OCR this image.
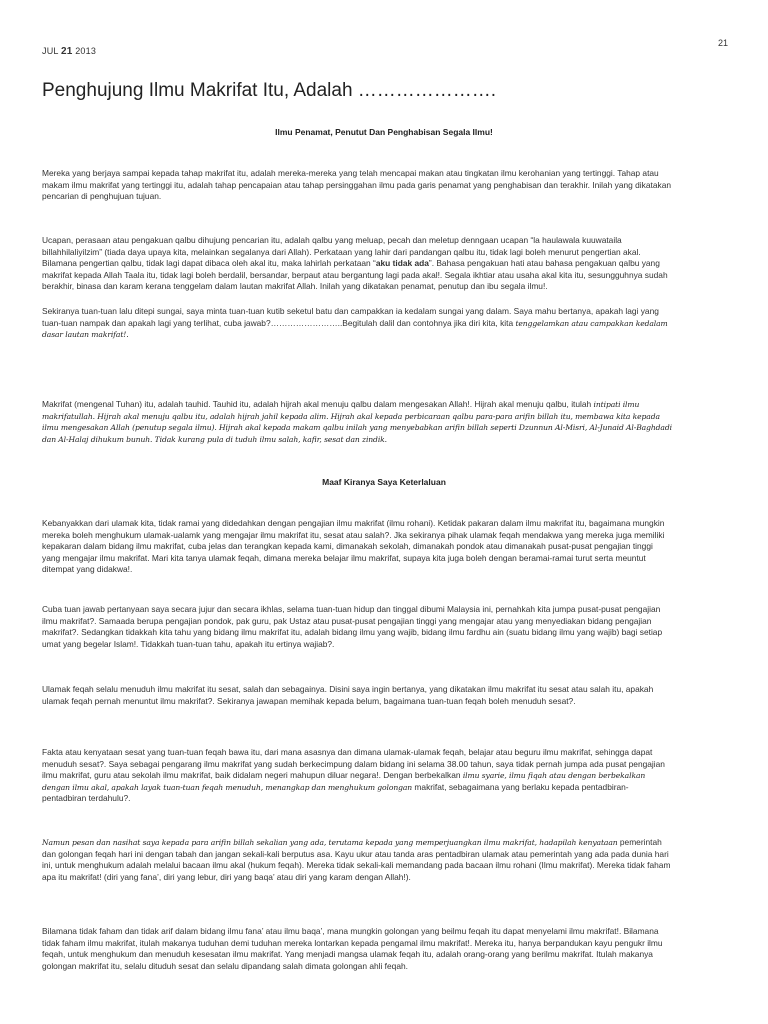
21
JUL 21 2013
Penghujung Ilmu Makrifat Itu, Adalah ………………….
Ilmu Penamat, Penutut Dan Penghabisan Segala Ilmu!

Mereka yang berjaya sampai kepada tahap makrifat itu, adalah mereka-mereka yang telah mencapai makan atau tingkatan ilmu kerohanian yang tertinggi. Tahap atau makam ilmu makrifat yang tertinggi itu, adalah tahap pencapaian atau tahap persinggahan ilmu pada garis penamat yang penghabisan dan terakhir. Inilah yang dikatakan pencarian di penghujuan tujuan.

Ucapan, perasaan atau pengakuan qalbu dihujung pencarian itu, adalah qalbu yang meluap, pecah dan meletup denngaan ucapan “la haulawala kuuwataila billahhilaliyilzim” (tiada daya upaya kita, melainkan segalanya dari Allah). Perkataan yang lahir dari pandangan qalbu itu, tidak lagi boleh menurut pengertian akal. Bilamana pengertian qalbu, tidak lagi dapat dibaca oleh akal itu, maka lahirlah perkataan “aku tidak ada”. Bahasa pengakuan hati atau bahasa pengakuan qalbu yang makrifat kepada Allah Taala itu, tidak lagi boleh berdalil, bersandar, berpaut atau bergantung lagi pada akal!. Segala ikhtiar atau usaha akal kita itu, sesungguhnya sudah berakhir, binasa dan karam kerana tenggelam dalam lautan makrifat Allah. Inilah yang dikatakan penamat, penutup dan ibu segala ilmu!.

Sekiranya tuan-tuan lalu ditepi sungai, saya minta tuan-tuan kutib seketul batu dan campakkan ia kedalam sungai yang dalam. Saya mahu bertanya, apakah lagi yang tuan-tuan nampak dan apakah lagi yang terlihat, cuba jawab?……………………..Begitulah dalil dan contohnya jika diri kita, kita tenggelamkan atau campakkan kedalam dasar lautan makrifat!.

Makrifat (mengenal Tuhan) itu, adalah tauhid. Tauhid itu, adalah hijrah akal menuju qalbu dalam mengesakan Allah!. Hijrah akal menuju qalbu, itulah intipati ilmu makrifatullah. Hijrah akal menuju qalbu itu, adalah hijrah jahil kepada alim. Hijrah akal kepada perbicaraan qalbu para-para arifin billah itu, membawa kita kepada ilmu mengesakan Allah (penutup segala ilmu). Hijrah akal kepada makam qalbu inilah yang menyebabkan arifin billah seperti Dzunnun Al-Misri, Al-Junaid Al-Baghdadi dan Al-Halaj dihukum bunuh. Tidak kurang pula di tuduh ilmu salah, kafir, sesat dan zindik.

Maaf Kiranya Saya Keterlaluan

Kebanyakkan dari ulamak kita, tidak ramai yang didedahkan dengan pengajian ilmu makrifat (ilmu rohani). Ketidak pakaran dalam ilmu makrifat itu, bagaimana mungkin mereka boleh menghukum ulamak-ualamk yang mengajar ilmu makrifat itu, sesat atau salah?. Jka sekiranya pihak ulamak feqah mendakwa yang mereka juga memiliki kepakaran dalam bidang ilmu makrifat, cuba jelas dan terangkan kepada kami, dimanakah sekolah, dimanakah pondok atau dimanakah pusat-pusat pengajian tinggi yang mengajar ilmu makrifat. Mari kita tanya ulamak feqah, dimana mereka belajar ilmu makrifat, supaya kita juga boleh dengan beramai-ramai turut serta meuntut ditempat yang didakwa!.

Cuba tuan jawab pertanyaan saya secara jujur dan secara ikhlas, selama tuan-tuan hidup dan tinggal dibumi Malaysia ini, pernahkah kita jumpa pusat-pusat pengajian ilmu makrifat?. Samaada berupa pengajian pondok, pak guru, pak Ustaz atau pusat-pusat pengajian tinggi yang mengajar atau yang menyediakan bidang pengajian makrifat?. Sedangkan tidakkah kita tahu yang bidang ilmu makrifat itu, adalah bidang ilmu yang wajib, bidang ilmu fardhu ain (suatu bidang ilmu yang wajib) bagi setiap umat yang begelar Islam!. Tidakkah tuan-tuan tahu, apakah itu ertinya wajiab?.

Ulamak feqah selalu menuduh ilmu makrifat itu sesat, salah dan sebagainya. Disini saya ingin bertanya, yang dikatakan ilmu makrifat itu sesat atau salah itu, apakah ulamak feqah pernah menuntut ilmu makrifat?. Sekiranya jawapan memihak kepada belum, bagaimana tuan-tuan feqah boleh menuduh sesat?.

Fakta atau kenyataan sesat yang tuan-tuan feqah bawa itu, dari mana asasnya dan dimana ulamak-ulamak feqah, belajar atau beguru ilmu makrifat, sehingga dapat menuduh sesat?. Saya sebagai pengarang ilmu makrifat yang sudah berkecimpung dalam bidang ini selama 38.00 tahun, saya tidak pernah jumpa ada pusat pengajian ilmu makrifat, guru atau sekolah ilmu makrifat, baik didalam negeri mahupun diluar negara!. Dengan berbekalkan ilmu syarie, ilmu fiqah atau dengan berbekalkan dengan ilmu akal, apakah layak tuan-tuan feqah menuduh, menangkap dan menghukum golongan makrifat, sebagaimana yang berlaku kepada pentadbiran-pentadbiran terdahulu?.

Namun pesan dan nasihat saya kepada para arifin billah sekalian yang ada, terutama kepada yang memperjuangkan ilmu makrifat, hadapilah kenyataan pemerintah dan golongan feqah hari ini dengan tabah dan jangan sekali-kali berputus asa. Kayu ukur atau tanda aras pentadbiran ulamak atau pemerintah yang ada pada dunia hari ini, untuk menghukum adalah melalui bacaan ilmu akal (hukum feqah). Mereka tidak sekali-kali memandang pada bacaan ilmu rohani (Ilmu makrifat). Mereka tidak faham apa itu makrifat! (diri yang fana’, diri yang lebur, diri yang baqa’ atau diri yang karam dengan Allah!).

Bilamana tidak faham dan tidak arif dalam bidang ilmu fana’ atau ilmu baqa’, mana mungkin golongan yang beilmu feqah itu dapat menyelami ilmu makrifat!. Bilamana tidak faham ilmu makrifat, itulah makanya tuduhan demi tuduhan mereka lontarkan kepada pengamal ilmu makrifat!. Mereka itu, hanya berpandukan kayu pengukr ilmu feqah, untuk menghukum dan menuduh kesesatan ilmu makrifat. Yang menjadi mangsa ulamak feqah itu, adalah orang-orang yang berilmu makrifat. Itulah makanya golongan makrifat itu, selalu dituduh sesat dan selalu dipandang salah dimata golongan ahli feqah.
